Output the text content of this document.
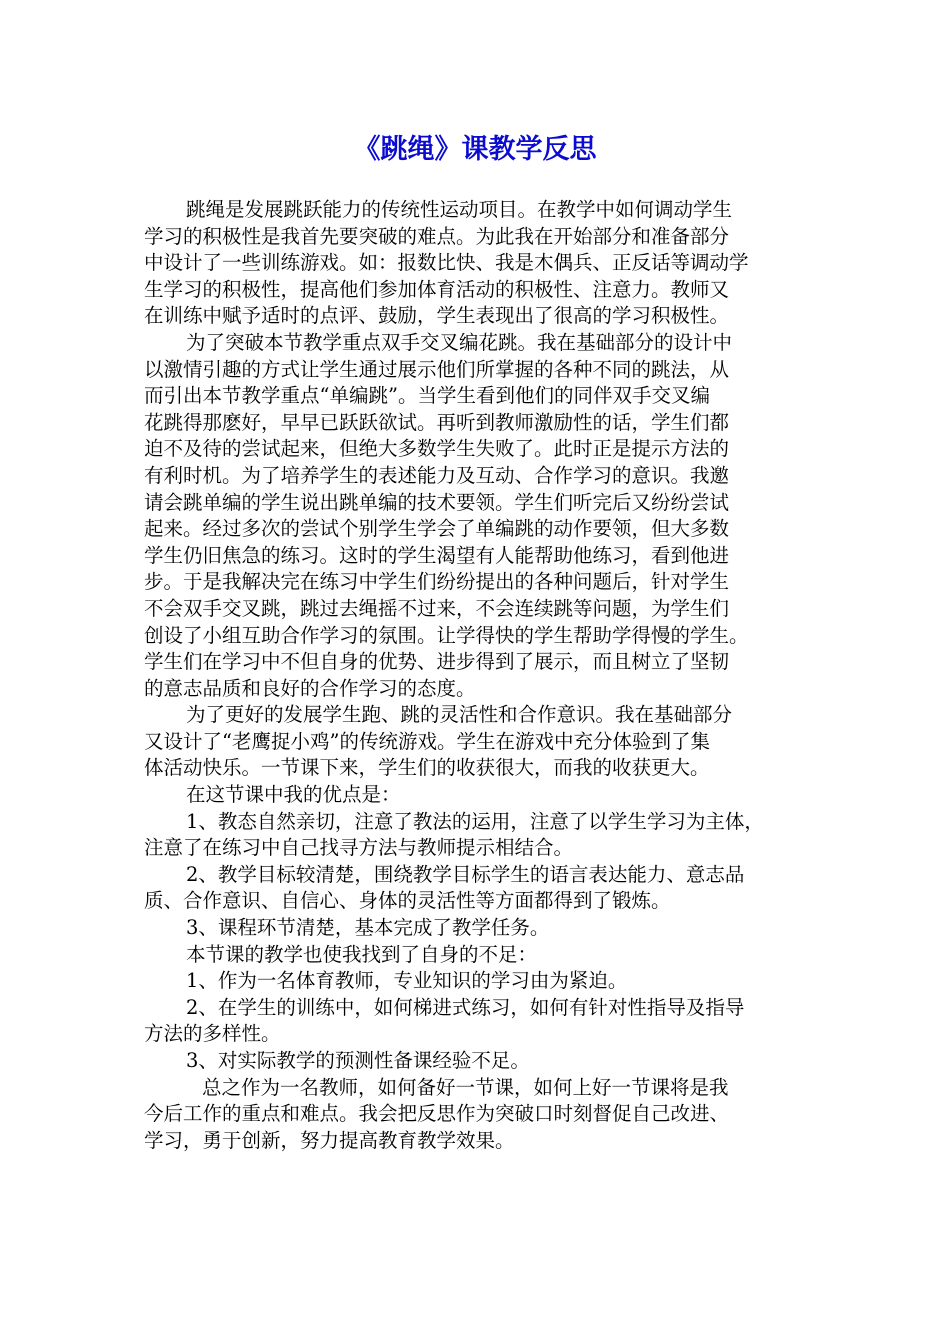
《跳绳》课教学反思
跳绳是发展跳跃能力的传统性运动项目。在教学中如何调动学生
学习的积极性是我首先要突破的难点。为此我在开始部分和准备部分
中设计了一些训练游戏。如：报数比快、我是木偶兵、正反话等调动学
生学习的积极性，提高他们参加体育活动的积极性、注意力。教师又
在训练中赋予适时的点评、鼓励，学生表现出了很高的学习积极性。
为了突破本节教学重点双手交叉编花跳。我在基础部分的设计中
以激情引趣的方式让学生通过展示他们所掌握的各种不同的跳法，从
而引出本节教学重点“单编跳”。当学生看到他们的同伴双手交叉编
花跳得那麽好，早早已跃跃欲试。再听到教师激励性的话，学生们都
迫不及待的尝试起来，但绝大多数学生失败了。此时正是提示方法的
有利时机。为了培养学生的表述能力及互动、合作学习的意识。我邀
请会跳单编的学生说出跳单编的技术要领。学生们听完后又纷纷尝试
起来。经过多次的尝试个别学生学会了单编跳的动作要领，但大多数
学生仍旧焦急的练习。这时的学生渴望有人能帮助他练习，看到他进
步。于是我解决完在练习中学生们纷纷提出的各种问题后，针对学生
不会双手交叉跳，跳过去绳摇不过来，不会连续跳等问题，为学生们
创设了小组互助合作学习的氛围。让学得快的学生帮助学得慢的学生。
学生们在学习中不但自身的优势、进步得到了展示，而且树立了坚韧
的意志品质和良好的合作学习的态度。
为了更好的发展学生跑、跳的灵活性和合作意识。我在基础部分
又设计了“老鹰捉小鸡”的传统游戏。学生在游戏中充分体验到了集
体活动快乐。一节课下来，学生们的收获很大，而我的收获更大。
在这节课中我的优点是：
1、教态自然亲切，注意了教法的运用，注意了以学生学习为主体，
注意了在练习中自己找寻方法与教师提示相结合。
2、教学目标较清楚，围绕教学目标学生的语言表达能力、意志品
质、合作意识、自信心、身体的灵活性等方面都得到了锻炼。
3、课程环节清楚，基本完成了教学任务。
本节课的教学也使我找到了自身的不足：
1、作为一名体育教师，专业知识的学习由为紧迫。
2、在学生的训练中，如何梯进式练习，如何有针对性指导及指导
方法的多样性。
3、对实际教学的预测性备课经验不足。
总之作为一名教师，如何备好一节课，如何上好一节课将是我
今后工作的重点和难点。我会把反思作为突破口时刻督促自己改进、
学习，勇于创新，努力提高教育教学效果。
